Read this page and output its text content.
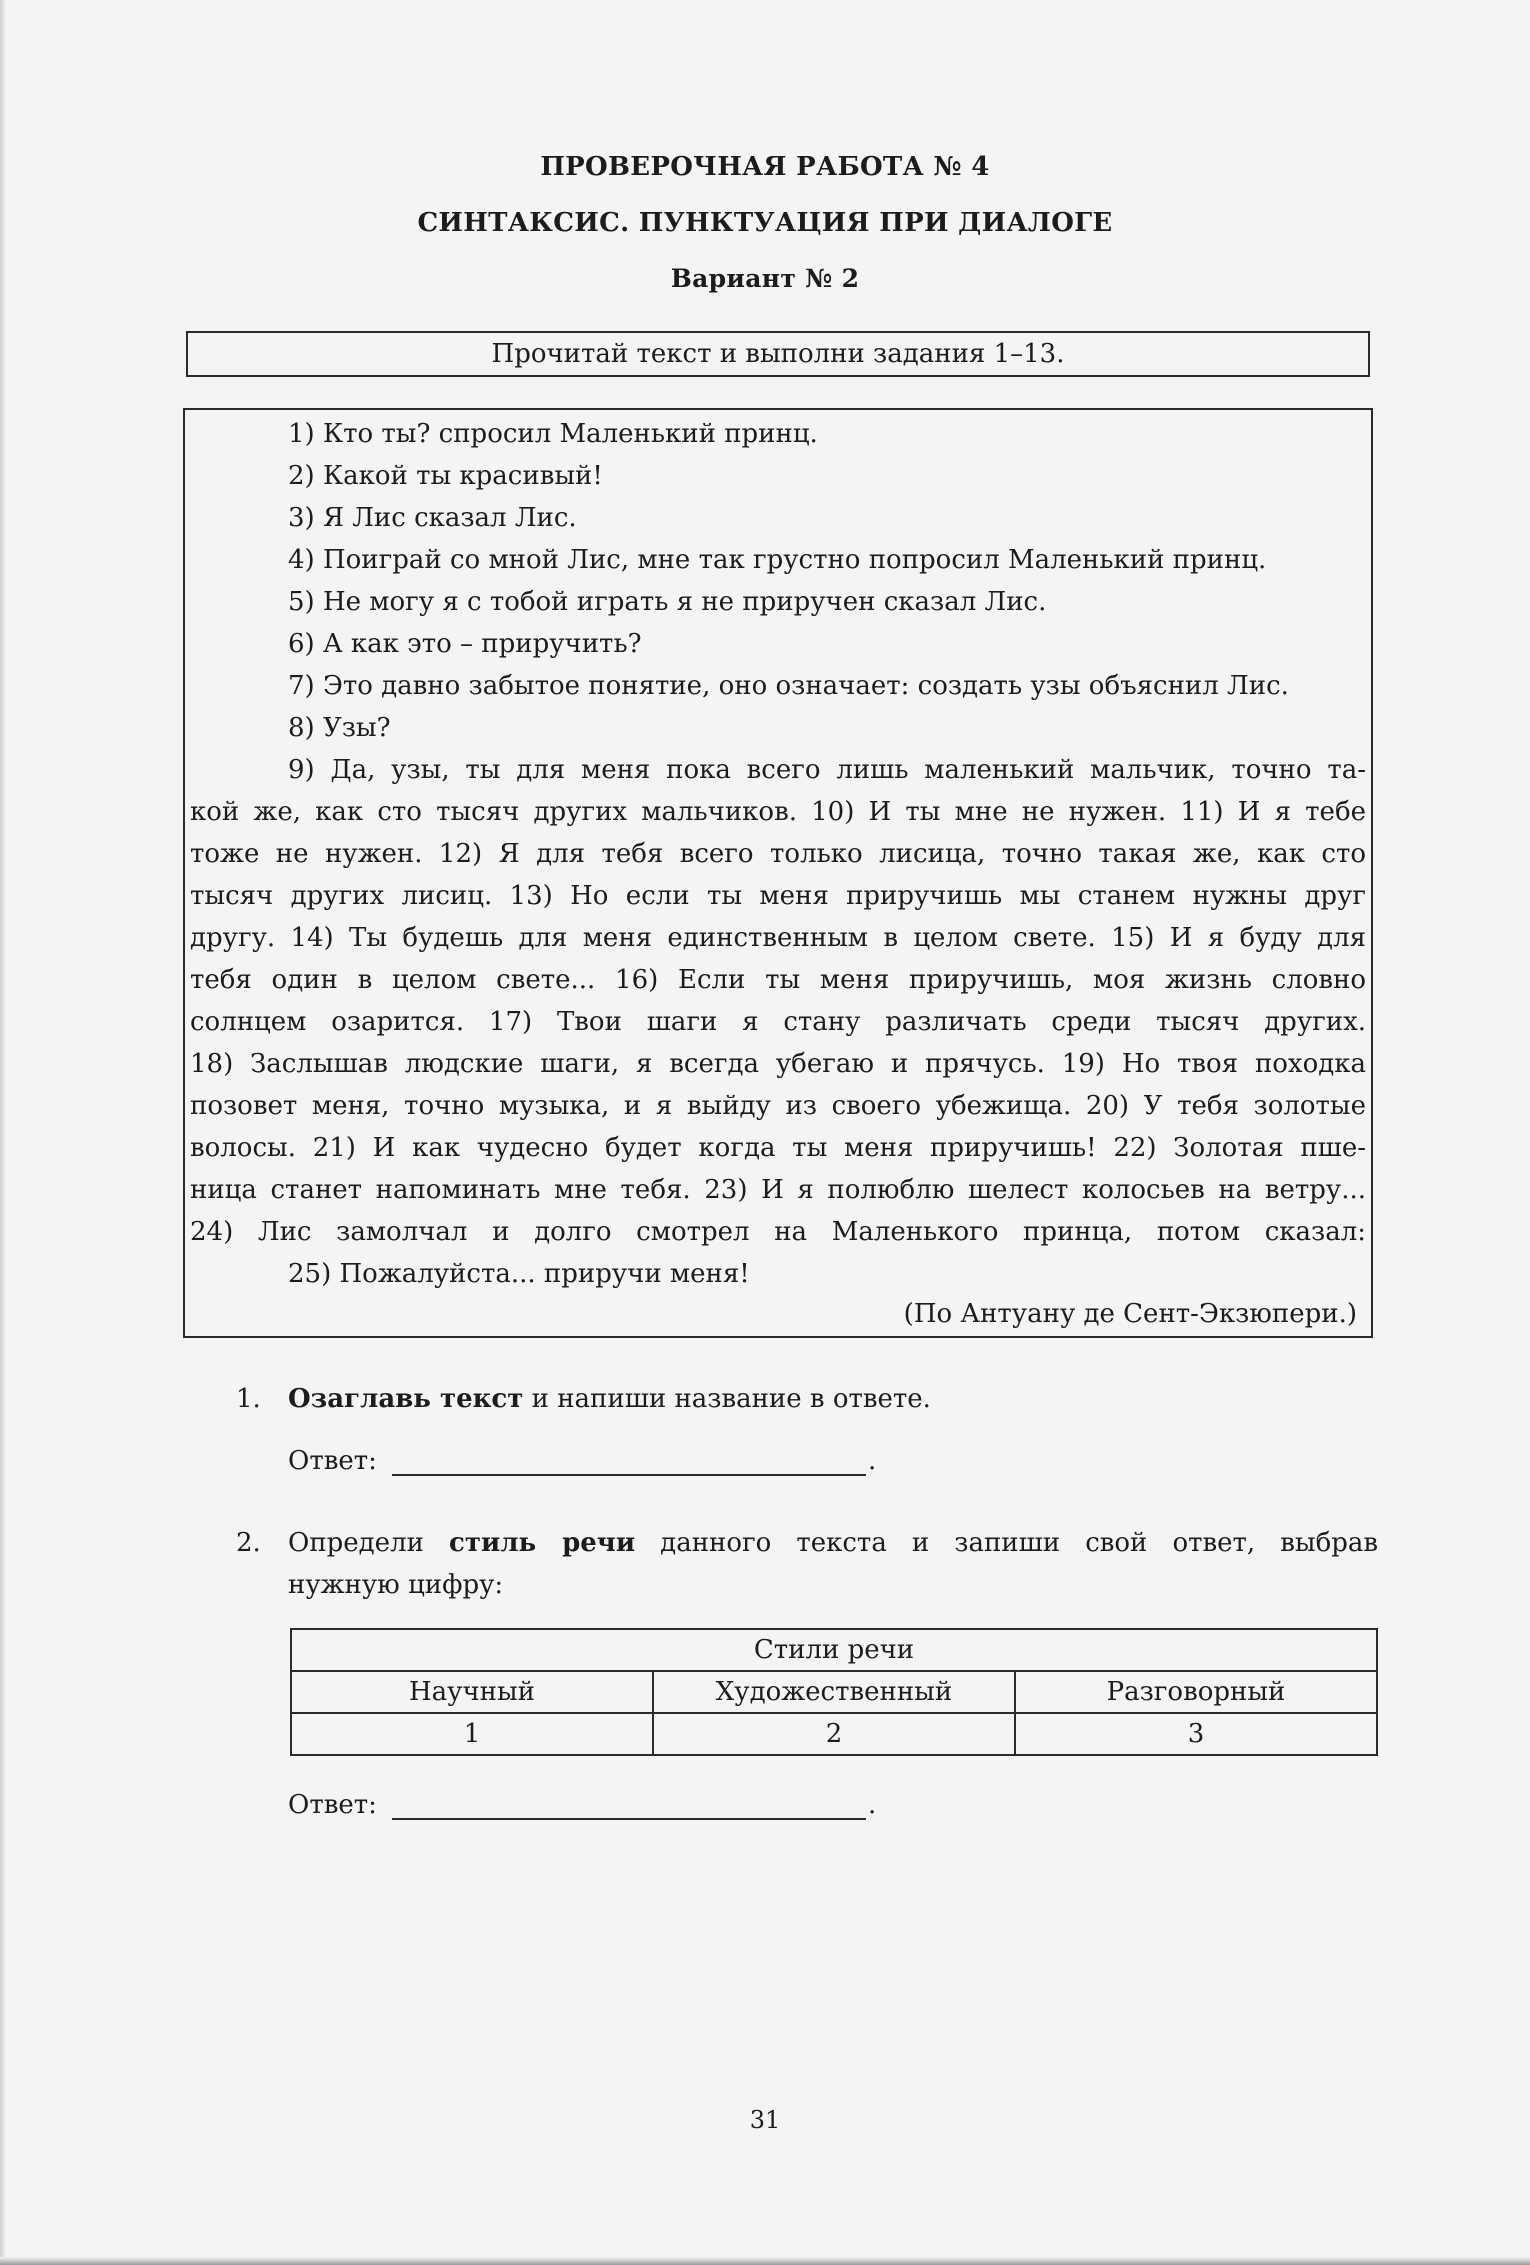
ПРОВЕРОЧНАЯ РАБОТА № 4
СИНТАКСИС. ПУНКТУАЦИЯ ПРИ ДИАЛОГЕ
Вариант № 2
Прочитай текст и выполни задания 1–13.
1) Кто ты? спросил Маленький принц.
2) Какой ты красивый!
3) Я Лис сказал Лис.
4) Поиграй со мной Лис, мне так грустно попросил Маленький принц.
5) Не могу я с тобой играть я не приручен сказал Лис.
6) А как это – приручить?
7) Это давно забытое понятие, оно означает: создать узы объяснил Лис.
8) Узы?
9) Да, узы, ты для меня пока всего лишь маленький мальчик, точно та-
кой же, как сто тысяч других мальчиков. 10) И ты мне не нужен. 11) И я тебе
тоже не нужен. 12) Я для тебя всего только лисица, точно такая же, как сто
тысяч других лисиц. 13) Но если ты меня приручишь мы станем нужны друг
другу. 14) Ты будешь для меня единственным в целом свете. 15) И я буду для
тебя один в целом свете... 16) Если ты меня приручишь, моя жизнь словно
солнцем озарится. 17) Твои шаги я стану различать среди тысяч других.
18) Заслышав людские шаги, я всегда убегаю и прячусь. 19) Но твоя походка
позовет меня, точно музыка, и я выйду из своего убежища. 20) У тебя золотые
волосы. 21) И как чудесно будет когда ты меня приручишь! 22) Золотая пше-
ница станет напоминать мне тебя. 23) И я полюблю шелест колосьев на ветру...
24) Лис замолчал и долго смотрел на Маленького принца, потом сказал:
25) Пожалуйста... приручи меня!
(По Антуану де Сент-Экзюпери.)
1. Озаглавь текст и напиши название в ответе.
Ответ:	.
2. Определи стиль речи данного текста и запиши свой ответ, выбрав
нужную цифру:
Стили речи		
Научный	Художественный	Разговорный
1	2	3
Ответ:	.
31
